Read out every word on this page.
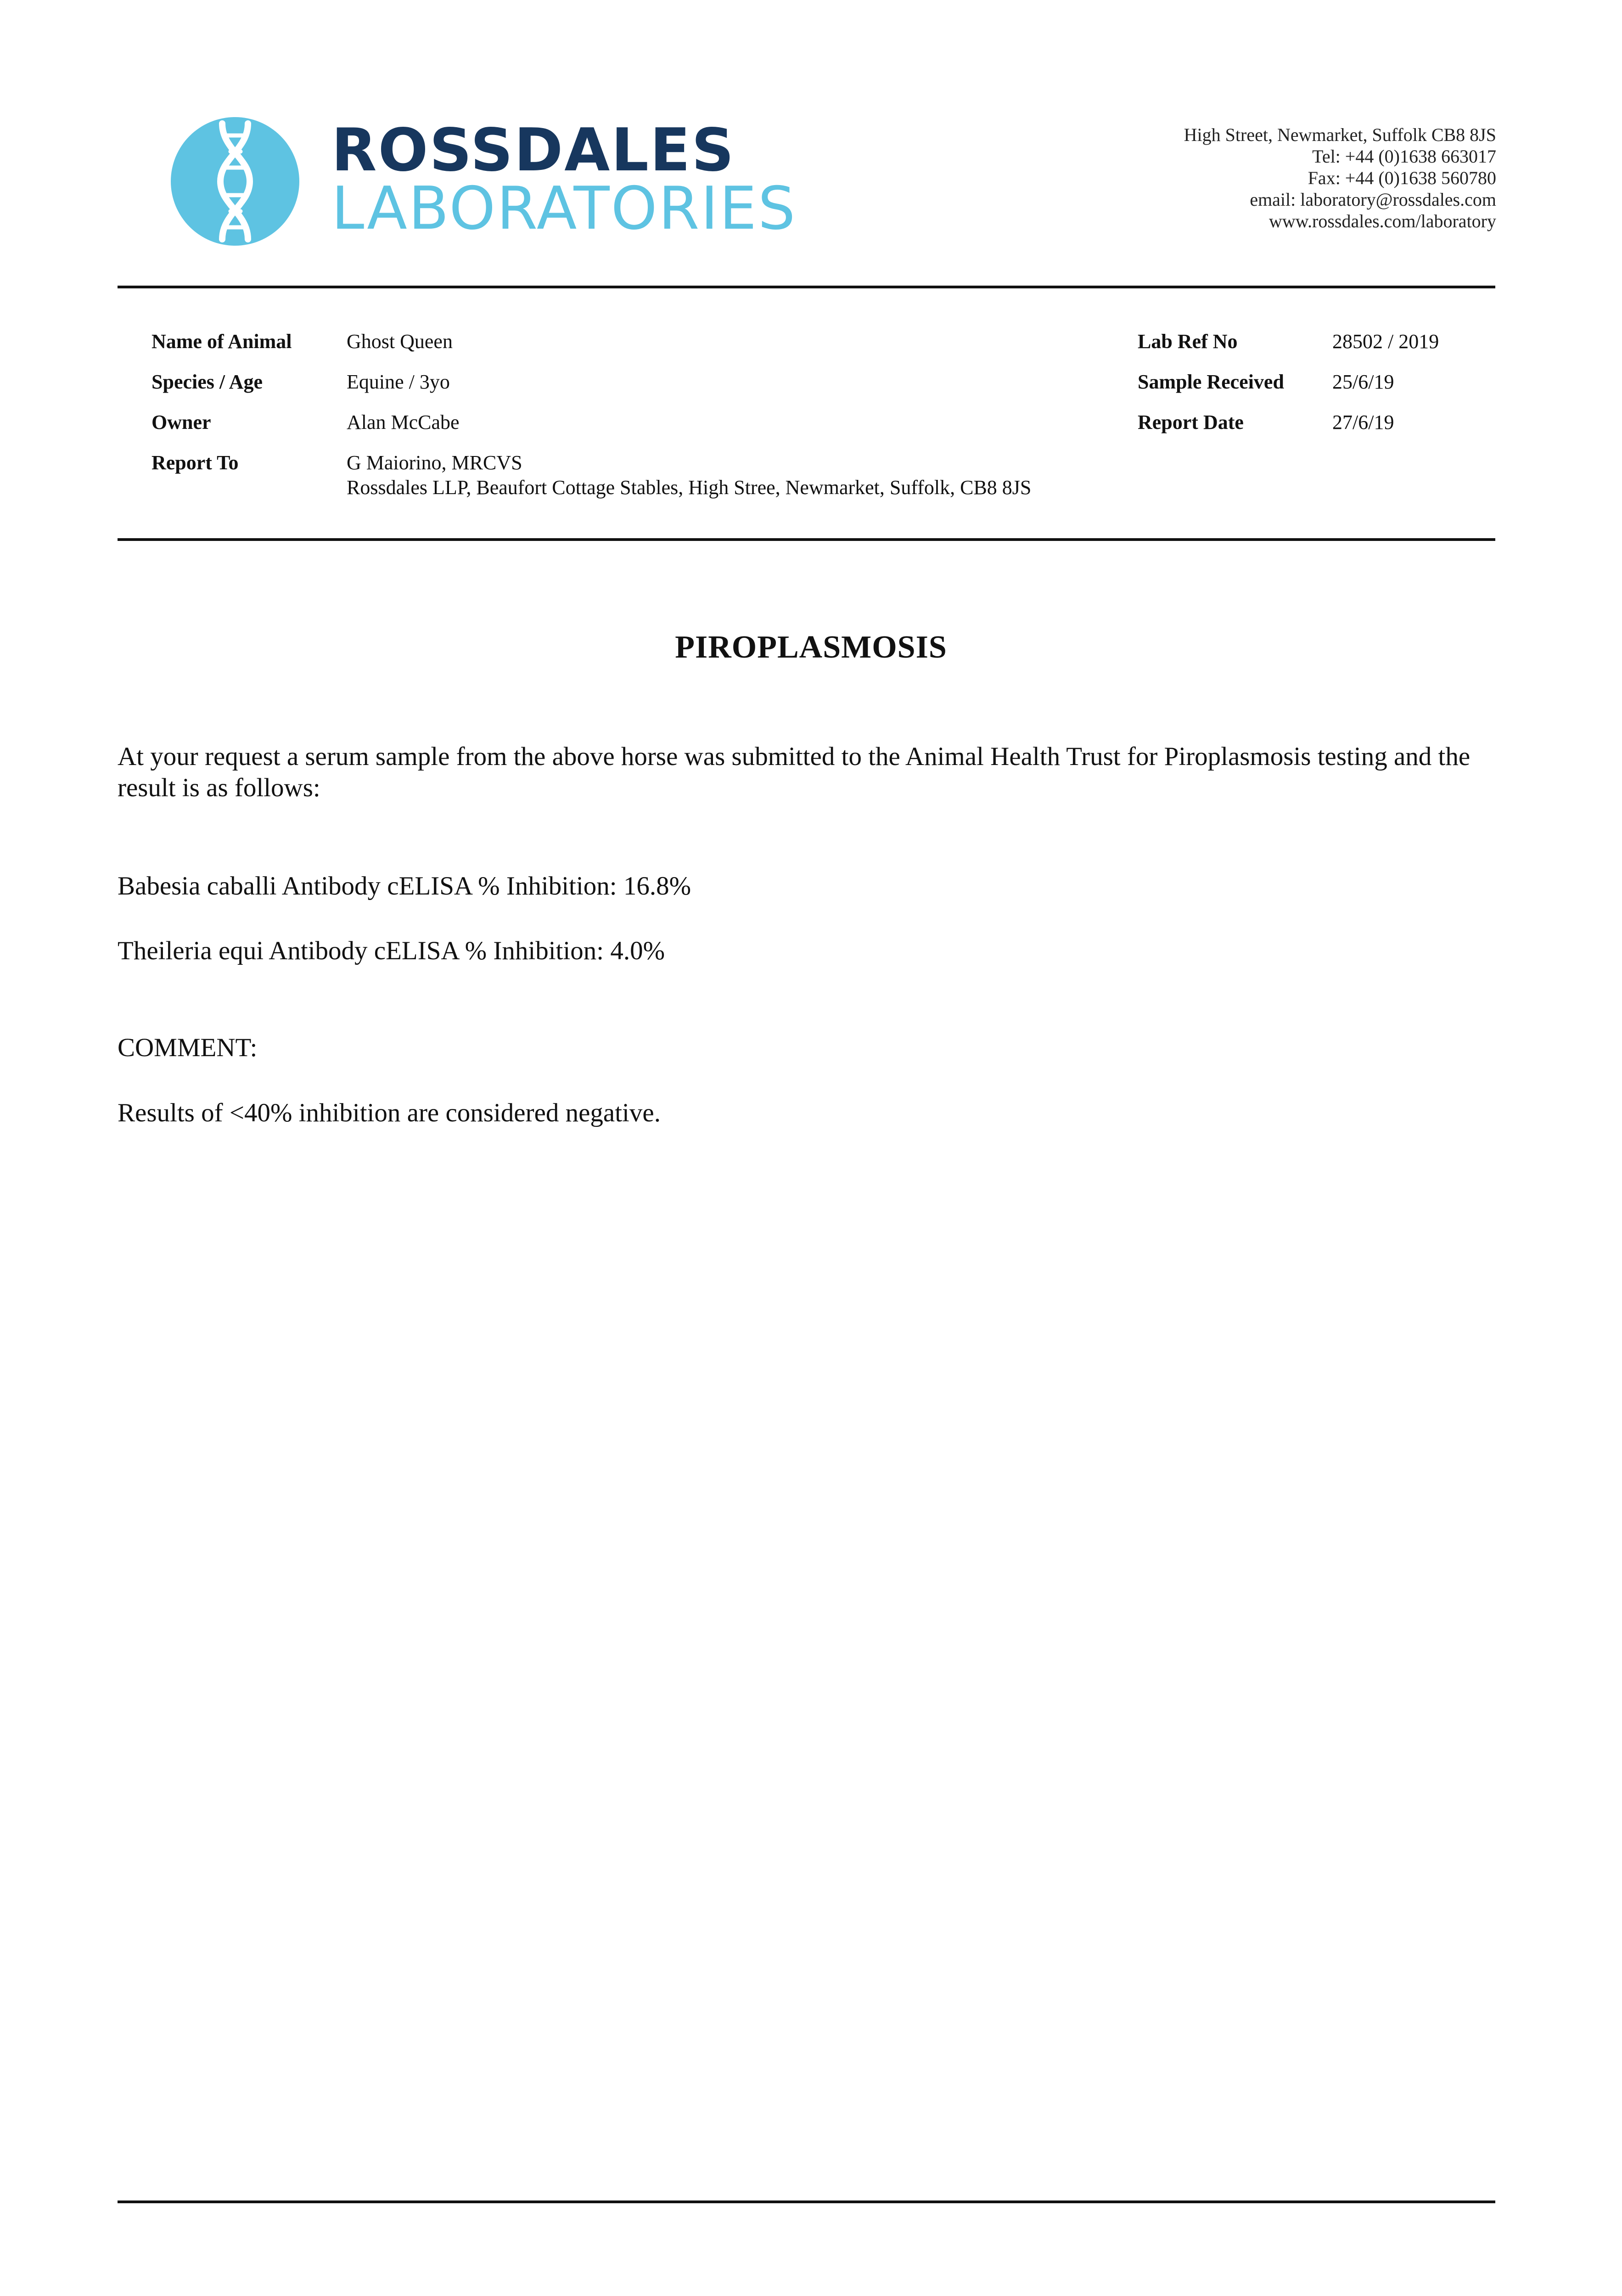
ROSSDALES
LABORATORIES
High Street, Newmarket, Suffolk CB8 8JS
Tel: +44 (0)1638 663017
Fax: +44 (0)1638 560780
email: laboratory@rossdales.com
www.rossdales.com/laboratory
Name of Animal	Ghost Queen
Species / Age	Equine / 3yo
Owner	Alan McCabe
Report To	G Maiorino, MRCVS
Rossdales LLP, Beaufort Cottage Stables, High Stree, Newmarket, Suffolk, CB8 8JS
Lab Ref No	28502 / 2019
Sample Received 25/6/19
Report Date	27/6/19
PIROPLASMOSIS
At your request a serum sample from the above horse was submitted to the Animal Health Trust for Piroplasmosis testing and the result is as follows:
Babesia caballi Antibody cELISA % Inhibition: 16.8%
Theileria equi Antibody cELISA % Inhibition: 4.0%
COMMENT:
Results of <40% inhibition are considered negative.
